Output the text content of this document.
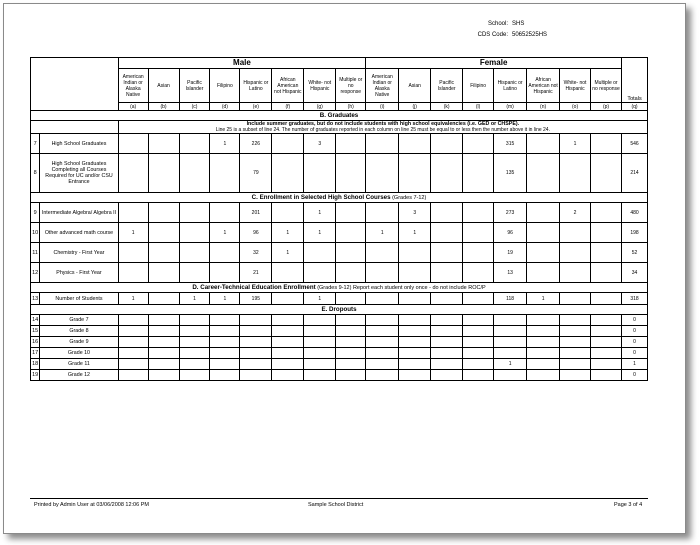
School: SHS
CDS Code: 50652525HS
		Male								Female								Totals
		American Indian or Alaska Native	Asian	Pacific Islander	Filipino	Hispanic or Latino	African American not Hispanic	White- not Hispanic	Multiple or no response	American Indian or Alaska Native	Asian	Pacific Islander	Filipino	Hispanic or Latino	African American not Hispanic	White- not Hispanic	Multiple or no response	
		(a)	(b)	(c)	(d)	(e)	(f)	(g)	(h)	(i)	(j)	(k)	(l)	(m)	(n)	(o)	(p)	(q)
B. Graduates																		

		Include summer graduates, but do not include students with high school equivalencies (i.e. GED or CHSPE).
Line 25 is a subset of line 24. The number of graduates reported in each column on line 25 must be equal to or less then the number above it in line 24.																

7	High School Graduates				1	226		3						315		1		546
8	High School Graduates Completing all Courses Required for UC and/or CSU Entrance					79								135				214
C. Enrollment in Selected High School Courses (Grades 7-12)																		
9	Intermediate Algebra/ Algebra II					201		1			3			273		2		480
10	Other advanced math course	1			1	96	1	1		1	1			96				198
11	Chemistry - First Year					32	1							19				52
12	Physics - First Year					21								13				34
D. Career-Technical Education Enrollment (Grades 9-12) Report each student only once - do not include ROC/P																		
13	Number of Students	1		1	1	195		1						118	1			318
E. Dropouts																		
14	Grade 7																	0
15	Grade 8																	0
16	Grade 9																	0
17	Grade 10																	0
18	Grade 11													1				1
19	Grade 12																	0
Printed by Admin User at 03/06/2008 12:06 PM	Sample School District	Page 3 of 4
